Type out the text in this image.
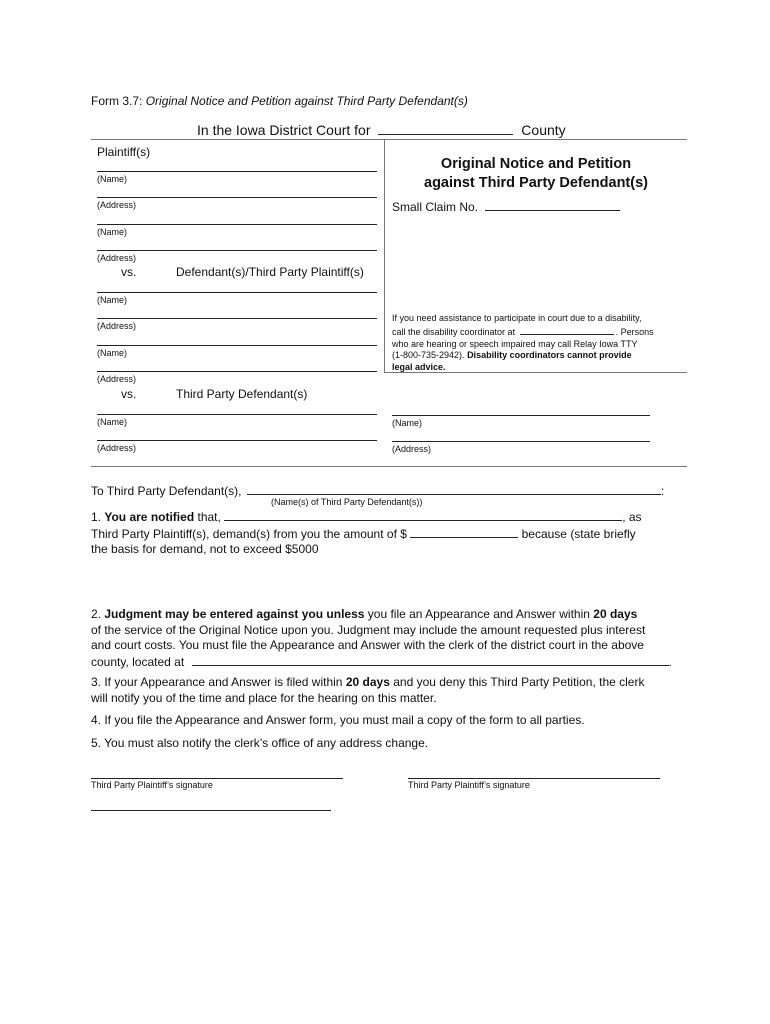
Form 3.7: Original Notice and Petition against Third Party Defendant(s)
In the Iowa District Court for	County
Plaintiff(s)
(Name)
(Address)
(Name)
(Address)
vs.	Defendant(s)/Third Party Plaintiff(s)
(Name)
(Address)
(Name)
(Address)
vs.	Third Party Defendant(s)
(Name)
(Address)
Original Notice and Petition
against Third Party Defendant(s)
Small Claim No.
If you need assistance to participate in court due to a disability,
call the disability coordinator at	. Persons
who are hearing or speech impaired may call Relay Iowa TTY
(1-800-735-2942). Disability coordinators cannot provide
legal advice.
(Name)
(Address)
To Third Party Defendant(s),	:
(Name(s) of Third Party Defendant(s))
1. You are notified that,	, as
Third Party Plaintiff(s), demand(s) from you the amount of $	because (state briefly
the basis for demand, not to exceed $5000
2. Judgment may be entered against you unless you file an Appearance and Answer within 20 days
of the service of the Original Notice upon you. Judgment may include the amount requested plus interest
and court costs. You must file the Appearance and Answer with the clerk of the district court in the above
county, located at	.
3. If your Appearance and Answer is filed within 20 days and you deny this Third Party Petition, the clerk
will notify you of the time and place for the hearing on this matter.
4. If you file the Appearance and Answer form, you must mail a copy of the form to all parties.
5. You must also notify the clerk’s office of any address change.
Third Party Plaintiff’s signature	Third Party Plaintiff’s signature
